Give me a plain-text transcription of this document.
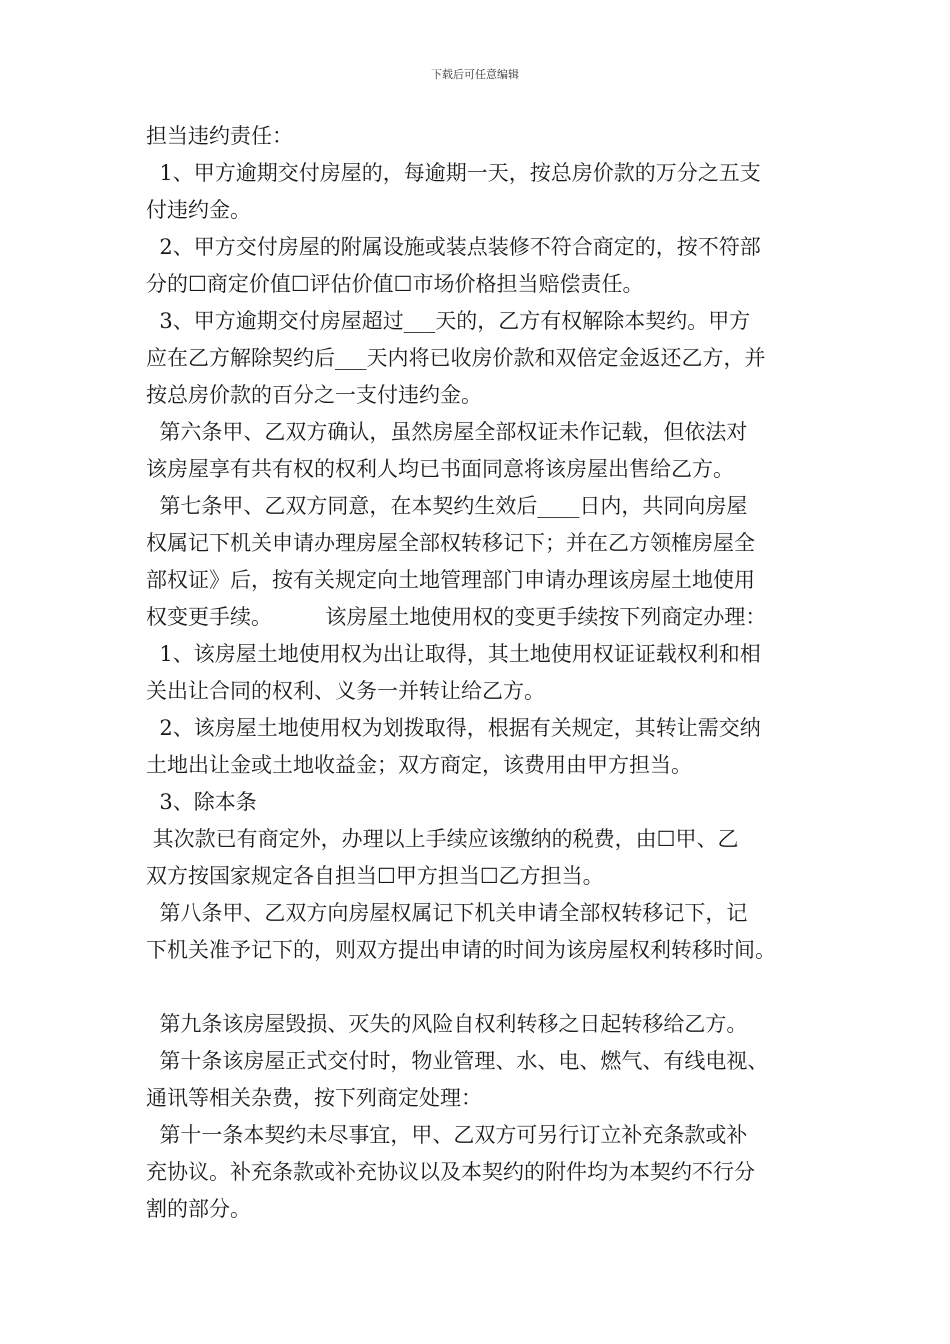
下载后可任意编辑
担当违约责任：
1、甲方逾期交付房屋的，每逾期一天，按总房价款的万分之五支
付违约金。
2、甲方交付房屋的附属设施或装点装修不符合商定的，按不符部
分的☐商定价值☐评估价值☐市场价格担当赔偿责任。
3、甲方逾期交付房屋超过___天的，乙方有权解除本契约。甲方
应在乙方解除契约后___天内将已收房价款和双倍定金返还乙方，并
按总房价款的百分之一支付违约金。
第六条甲、乙双方确认，虽然房屋全部权证未作记载，但依法对
该房屋享有共有权的权利人均已书面同意将该房屋出售给乙方。
第七条甲、乙双方同意，在本契约生效后____日内，共同向房屋
权属记下机关申请办理房屋全部权转移记下；并在乙方领榷房屋全
部权证》后，按有关规定向土地管理部门申请办理该房屋土地使用
权变更手续。        该房屋土地使用权的变更手续按下列商定办理：
1、该房屋土地使用权为出让取得，其土地使用权证证载权利和相
关出让合同的权利、义务一并转让给乙方。
2、该房屋土地使用权为划拨取得，根据有关规定，其转让需交纳
土地出让金或土地收益金；双方商定，该费用由甲方担当。
3、除本条
其次款已有商定外，办理以上手续应该缴纳的税费，由☐甲、乙
双方按国家规定各自担当☐甲方担当☐乙方担当。
第八条甲、乙双方向房屋权属记下机关申请全部权转移记下，记
下机关准予记下的，则双方提出申请的时间为该房屋权利转移时间。
第九条该房屋毁损、灭失的风险自权利转移之日起转移给乙方。
第十条该房屋正式交付时，物业管理、水、电、燃气、有线电视、
通讯等相关杂费，按下列商定处理：
第十一条本契约未尽事宜，甲、乙双方可另行订立补充条款或补
充协议。补充条款或补充协议以及本契约的附件均为本契约不行分
割的部分。
